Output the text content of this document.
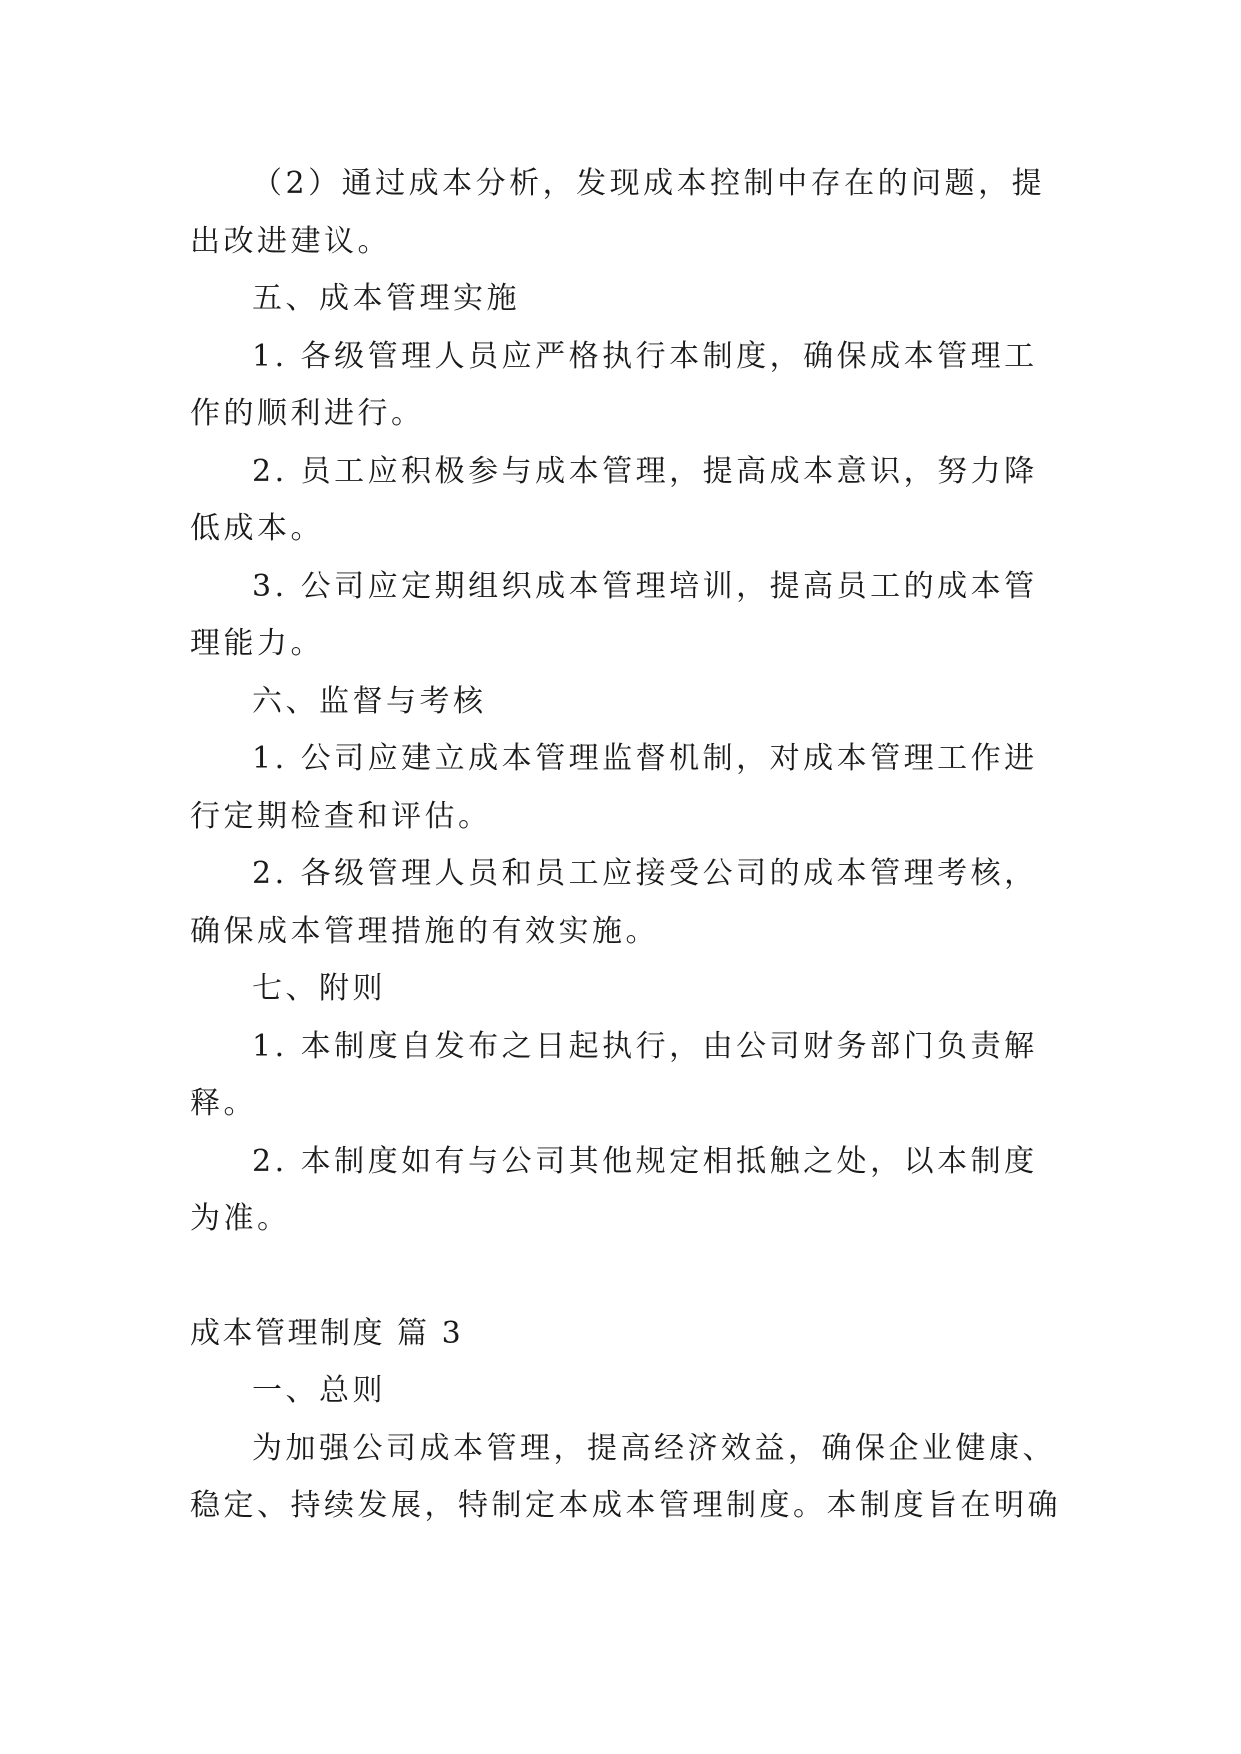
（2）通过成本分析，发现成本控制中存在的问题，提
出改进建议。
五、成本管理实施
1. 各级管理人员应严格执行本制度，确保成本管理工
作的顺利进行。
2. 员工应积极参与成本管理，提高成本意识，努力降
低成本。
3. 公司应定期组织成本管理培训，提高员工的成本管
理能力。
六、监督与考核
1. 公司应建立成本管理监督机制，对成本管理工作进
行定期检查和评估。
2. 各级管理人员和员工应接受公司的成本管理考核，
确保成本管理措施的有效实施。
七、附则
1. 本制度自发布之日起执行，由公司财务部门负责解
释。
2. 本制度如有与公司其他规定相抵触之处，以本制度
为准。
成本管理制度 篇 3
一、总则
为加强公司成本管理，提高经济效益，确保企业健康、
稳定、持续发展，特制定本成本管理制度。本制度旨在明确
